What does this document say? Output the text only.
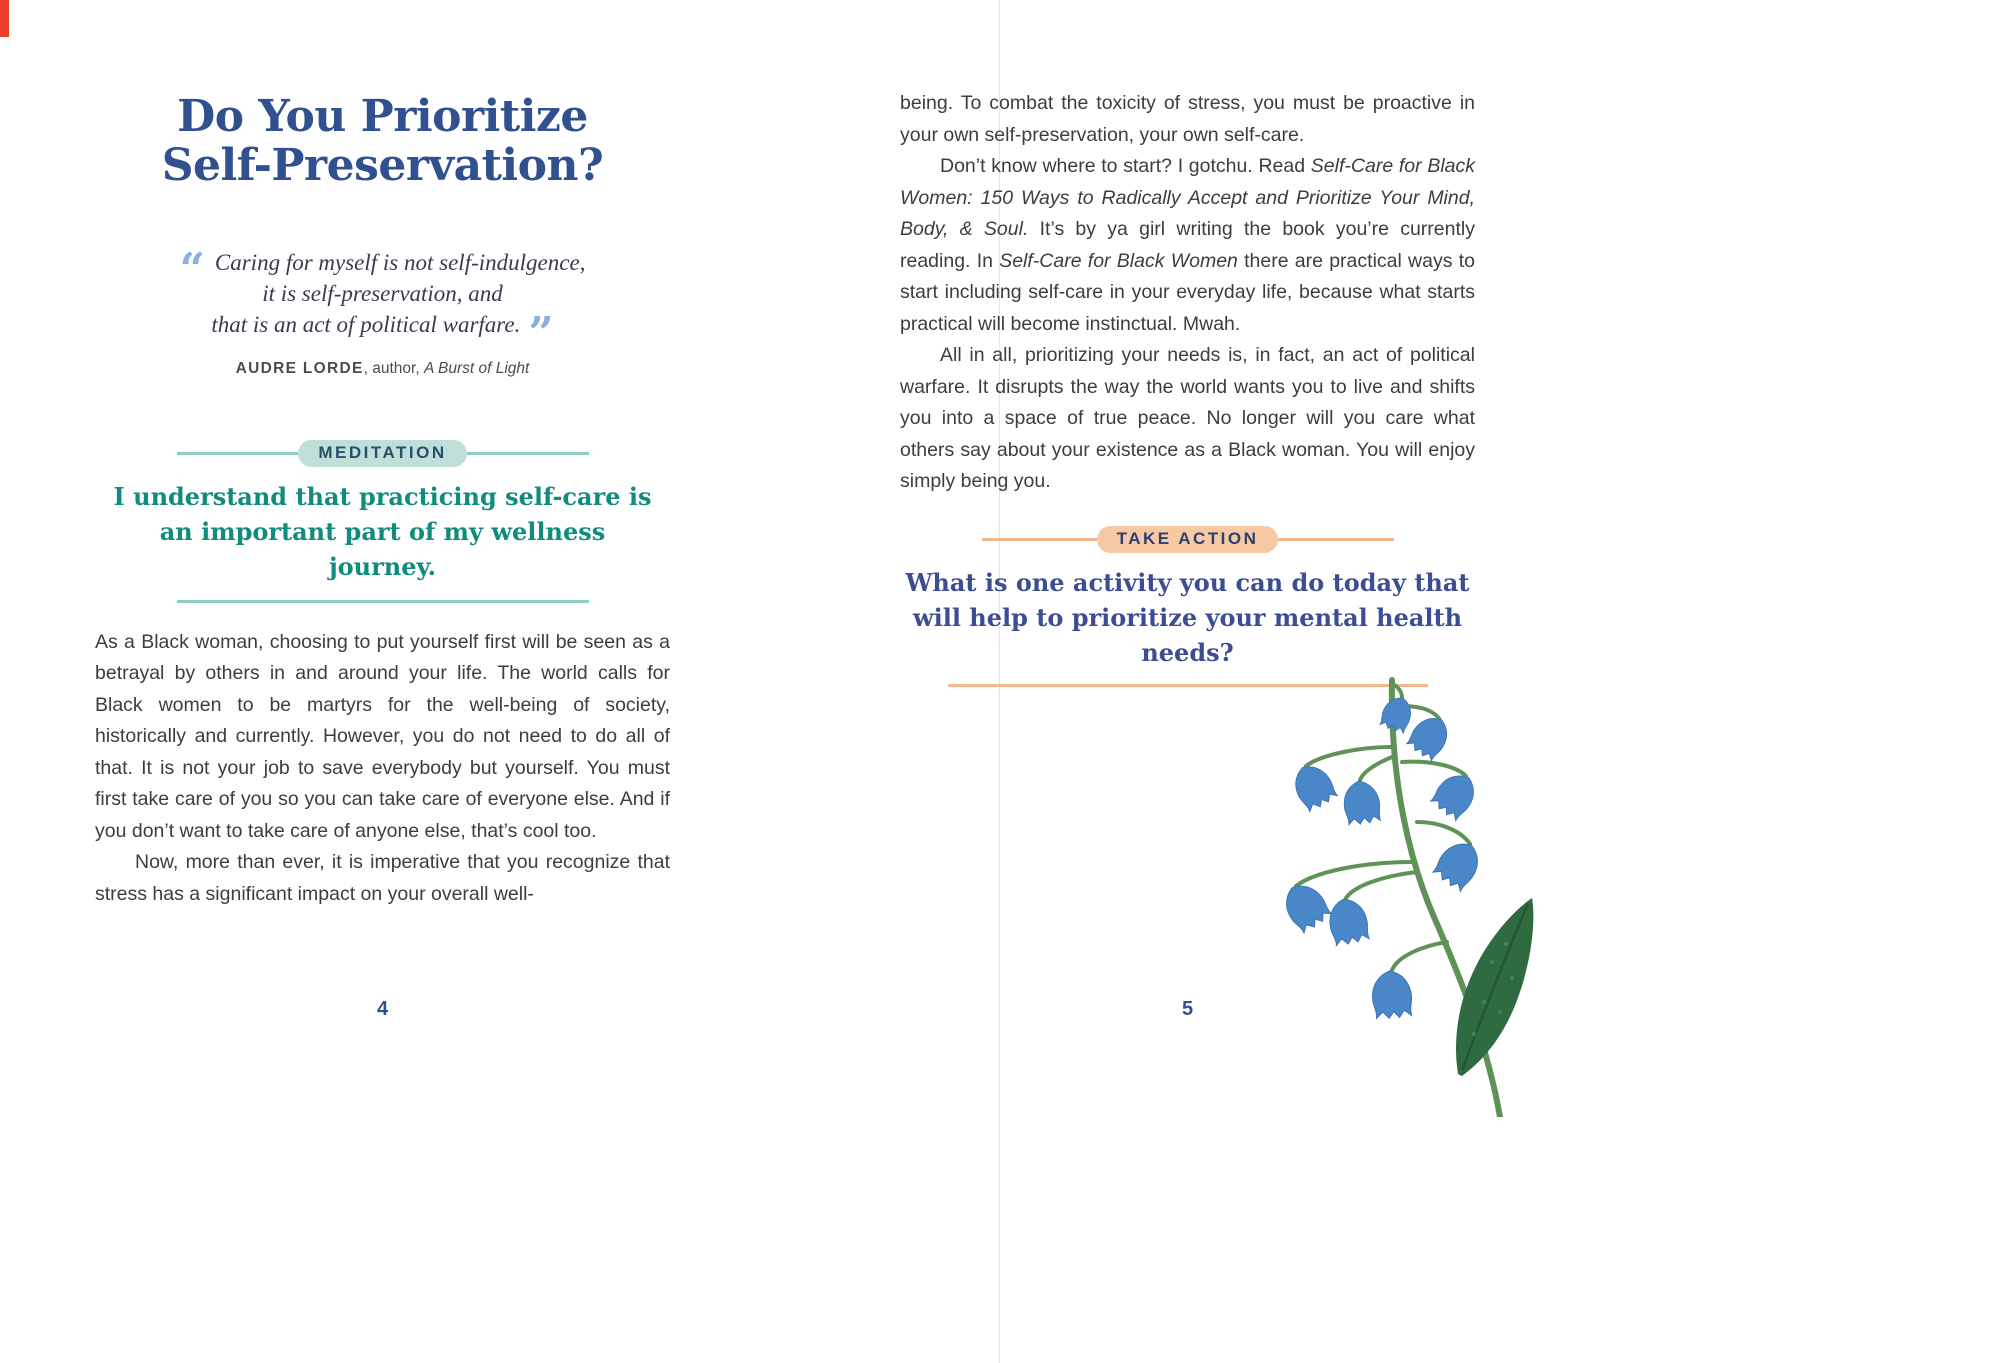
Do You Prioritize
Self-Preservation?
“ Caring for myself is not self-indulgence,
it is self-preservation, and
that is an act of political warfare. ”
AUDRE LORDE, author, A Burst of Light
MEDITATION
I understand that practicing self-care is an important part of my wellness journey.

As a Black woman, choosing to put yourself first will be seen as a betrayal by others in and around your life. The world calls for Black women to be martyrs for the well-being of society, historically and currently. However, you do not need to do all of that. It is not your job to save everybody but yourself. You must first take care of you so you can take care of everyone else. And if you don’t want to take care of anyone else, that’s cool too.

Now, more than ever, it is imperative that you recognize that stress has a significant impact on your overall well-

being. To combat the toxicity of stress, you must be proactive in your own self-preservation, your own self-care.

Don’t know where to start? I gotchu. Read Self-Care for Black Women: 150 Ways to Radically Accept and Prioritize Your Mind, Body, & Soul. It’s by ya girl writing the book you’re currently reading. In Self-Care for Black Women there are practical ways to start including self-care in your everyday life, because what starts practical will become instinctual. Mwah.

All in all, prioritizing your needs is, in fact, an act of political warfare. It disrupts the way the world wants you to live and shifts you into a space of true peace. No longer will you care what others say about your existence as a Black woman. You will enjoy simply being you.

TAKE ACTION
What is one activity you can do today that will help to prioritize your mental health needs?
4	5
